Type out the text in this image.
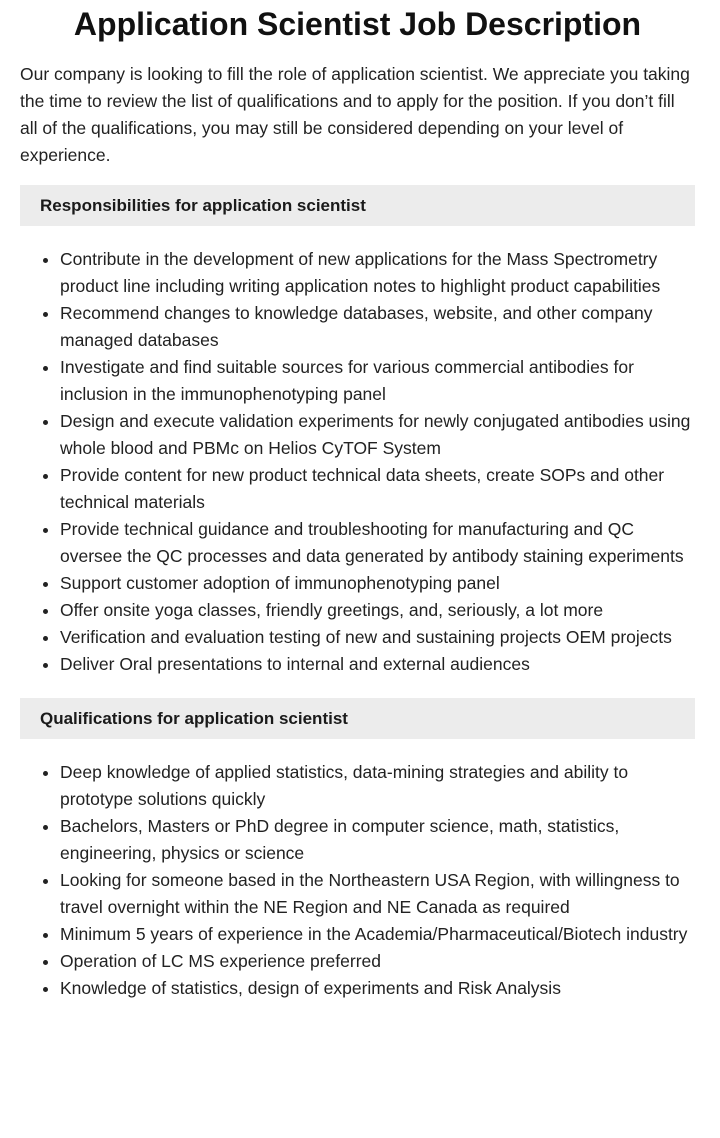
Application Scientist Job Description

Our company is looking to fill the role of application scientist. We appreciate you taking the time to review the list of qualifications and to apply for the position. If you don’t fill all of the qualifications, you may still be considered depending on your level of experience.

Responsibilities for application scientist
• Contribute in the development of new applications for the Mass Spectrometry product line including writing application notes to highlight product capabilities
• Recommend changes to knowledge databases, website, and other company managed databases
• Investigate and find suitable sources for various commercial antibodies for inclusion in the immunophenotyping panel
• Design and execute validation experiments for newly conjugated antibodies using whole blood and PBMc on Helios CyTOF System
• Provide content for new product technical data sheets, create SOPs and other technical materials
• Provide technical guidance and troubleshooting for manufacturing and QC oversee the QC processes and data generated by antibody staining experiments
• Support customer adoption of immunophenotyping panel
• Offer onsite yoga classes, friendly greetings, and, seriously, a lot more
• Verification and evaluation testing of new and sustaining projects OEM projects
• Deliver Oral presentations to internal and external audiences
Qualifications for application scientist
• Deep knowledge of applied statistics, data-mining strategies and ability to prototype solutions quickly
• Bachelors, Masters or PhD degree in computer science, math, statistics, engineering, physics or science
• Looking for someone based in the Northeastern USA Region, with willingness to travel overnight within the NE Region and NE Canada as required
• Minimum 5 years of experience in the Academia/Pharmaceutical/Biotech industry
• Operation of LC MS experience preferred
• Knowledge of statistics, design of experiments and Risk Analysis
